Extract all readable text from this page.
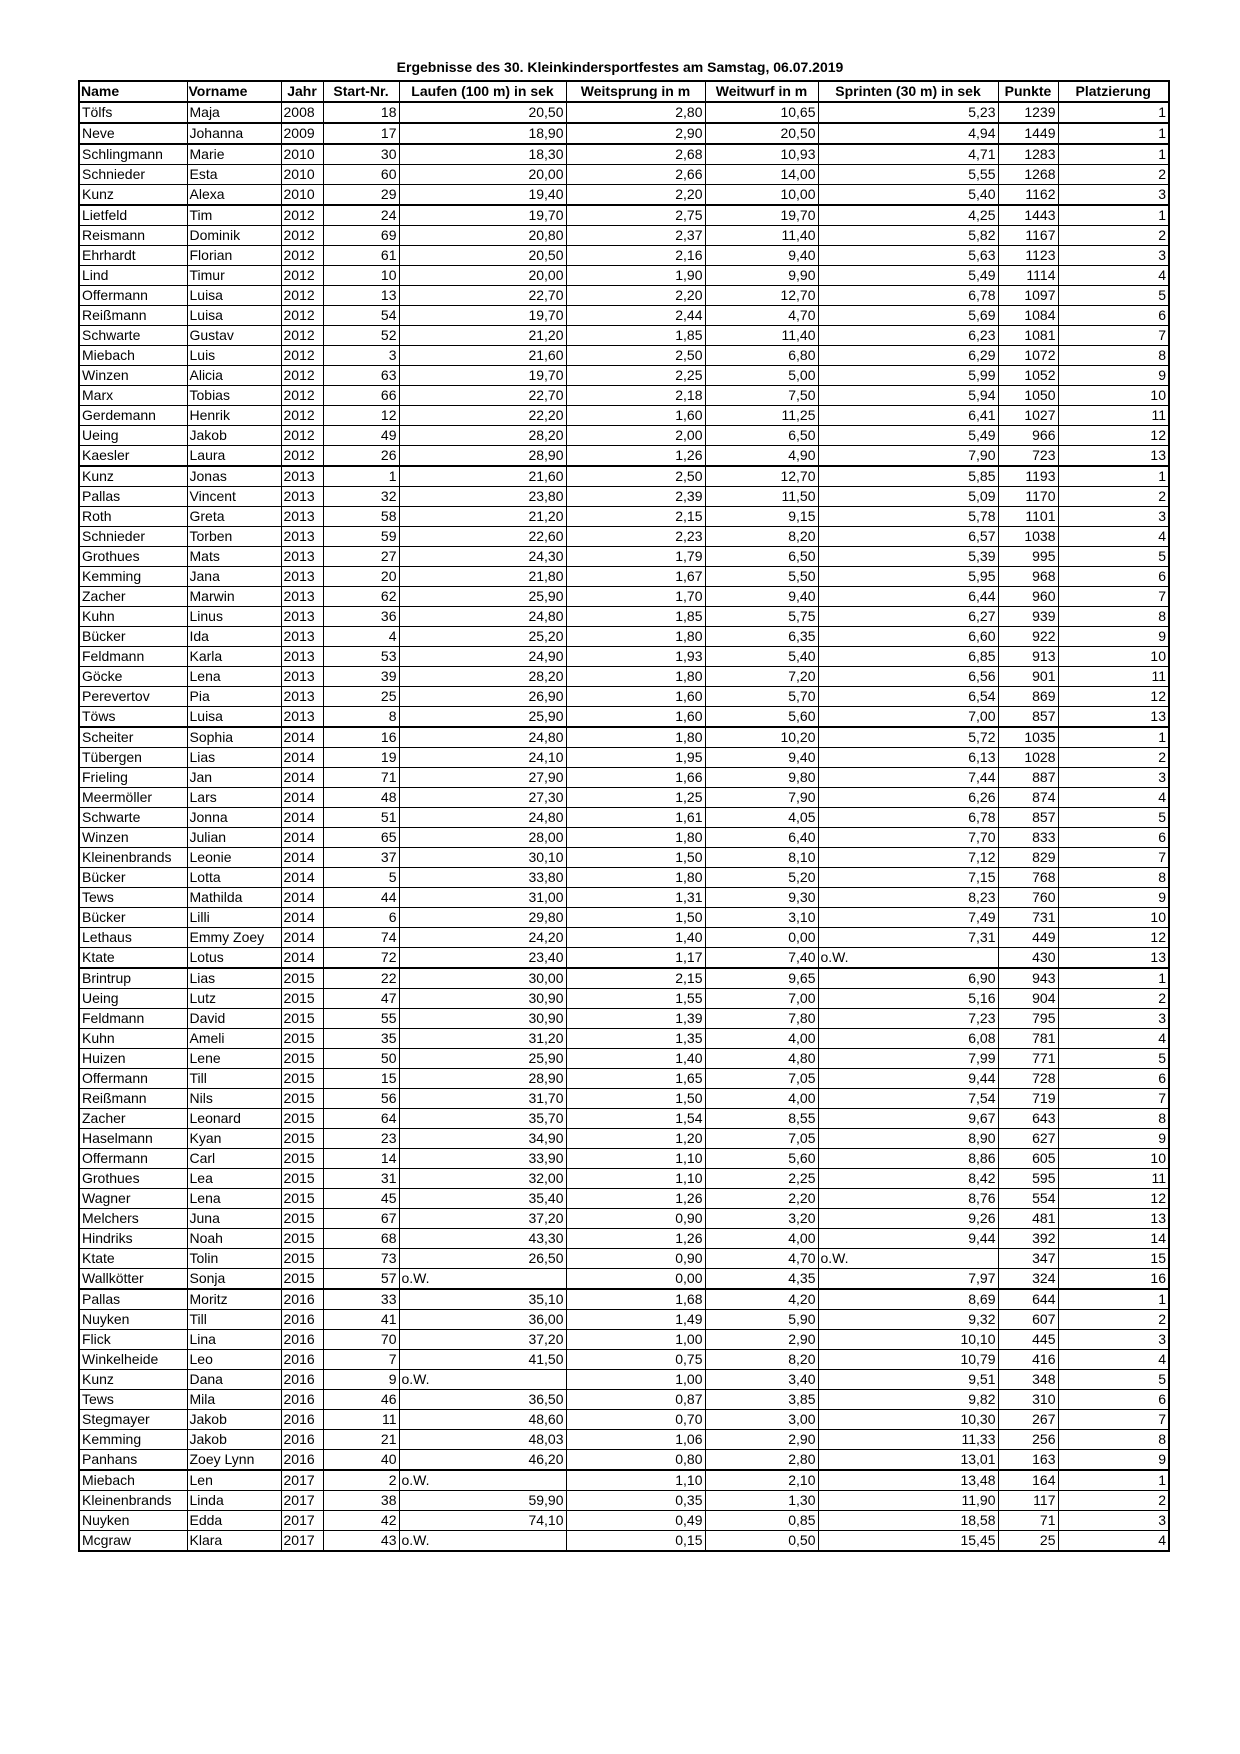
Ergebnisse des 30. Kleinkindersportfestes am Samstag, 06.07.2019
Name	Vorname	Jahr	Start-Nr.	Laufen (100 m) in sek	Weitsprung in m	Weitwurf in m	Sprinten (30 m) in sek	Punkte	Platzierung
Tölfs	Maja	2008	18	20,50	2,80	10,65	5,23	1239	1
Neve	Johanna	2009	17	18,90	2,90	20,50	4,94	1449	1
Schlingmann	Marie	2010	30	18,30	2,68	10,93	4,71	1283	1
Schnieder	Esta	2010	60	20,00	2,66	14,00	5,55	1268	2
Kunz	Alexa	2010	29	19,40	2,20	10,00	5,40	1162	3
Lietfeld	Tim	2012	24	19,70	2,75	19,70	4,25	1443	1
Reismann	Dominik	2012	69	20,80	2,37	11,40	5,82	1167	2
Ehrhardt	Florian	2012	61	20,50	2,16	9,40	5,63	1123	3
Lind	Timur	2012	10	20,00	1,90	9,90	5,49	1114	4
Offermann	Luisa	2012	13	22,70	2,20	12,70	6,78	1097	5
Reißmann	Luisa	2012	54	19,70	2,44	4,70	5,69	1084	6
Schwarte	Gustav	2012	52	21,20	1,85	11,40	6,23	1081	7
Miebach	Luis	2012	3	21,60	2,50	6,80	6,29	1072	8
Winzen	Alicia	2012	63	19,70	2,25	5,00	5,99	1052	9
Marx	Tobias	2012	66	22,70	2,18	7,50	5,94	1050	10
Gerdemann	Henrik	2012	12	22,20	1,60	11,25	6,41	1027	11
Ueing	Jakob	2012	49	28,20	2,00	6,50	5,49	966	12
Kaesler	Laura	2012	26	28,90	1,26	4,90	7,90	723	13
Kunz	Jonas	2013	1	21,60	2,50	12,70	5,85	1193	1
Pallas	Vincent	2013	32	23,80	2,39	11,50	5,09	1170	2
Roth	Greta	2013	58	21,20	2,15	9,15	5,78	1101	3
Schnieder	Torben	2013	59	22,60	2,23	8,20	6,57	1038	4
Grothues	Mats	2013	27	24,30	1,79	6,50	5,39	995	5
Kemming	Jana	2013	20	21,80	1,67	5,50	5,95	968	6
Zacher	Marwin	2013	62	25,90	1,70	9,40	6,44	960	7
Kuhn	Linus	2013	36	24,80	1,85	5,75	6,27	939	8
Bücker	Ida	2013	4	25,20	1,80	6,35	6,60	922	9
Feldmann	Karla	2013	53	24,90	1,93	5,40	6,85	913	10
Göcke	Lena	2013	39	28,20	1,80	7,20	6,56	901	11
Perevertov	Pia	2013	25	26,90	1,60	5,70	6,54	869	12
Töws	Luisa	2013	8	25,90	1,60	5,60	7,00	857	13
Scheiter	Sophia	2014	16	24,80	1,80	10,20	5,72	1035	1
Tübergen	Lias	2014	19	24,10	1,95	9,40	6,13	1028	2
Frieling	Jan	2014	71	27,90	1,66	9,80	7,44	887	3
Meermöller	Lars	2014	48	27,30	1,25	7,90	6,26	874	4
Schwarte	Jonna	2014	51	24,80	1,61	4,05	6,78	857	5
Winzen	Julian	2014	65	28,00	1,80	6,40	7,70	833	6
Kleinenbrands	Leonie	2014	37	30,10	1,50	8,10	7,12	829	7
Bücker	Lotta	2014	5	33,80	1,80	5,20	7,15	768	8
Tews	Mathilda	2014	44	31,00	1,31	9,30	8,23	760	9
Bücker	Lilli	2014	6	29,80	1,50	3,10	7,49	731	10
Lethaus	Emmy Zoey	2014	74	24,20	1,40	0,00	7,31	449	12
Ktate	Lotus	2014	72	23,40	1,17	7,40	o.W.	430	13
Brintrup	Lias	2015	22	30,00	2,15	9,65	6,90	943	1
Ueing	Lutz	2015	47	30,90	1,55	7,00	5,16	904	2
Feldmann	David	2015	55	30,90	1,39	7,80	7,23	795	3
Kuhn	Ameli	2015	35	31,20	1,35	4,00	6,08	781	4
Huizen	Lene	2015	50	25,90	1,40	4,80	7,99	771	5
Offermann	Till	2015	15	28,90	1,65	7,05	9,44	728	6
Reißmann	Nils	2015	56	31,70	1,50	4,00	7,54	719	7
Zacher	Leonard	2015	64	35,70	1,54	8,55	9,67	643	8
Haselmann	Kyan	2015	23	34,90	1,20	7,05	8,90	627	9
Offermann	Carl	2015	14	33,90	1,10	5,60	8,86	605	10
Grothues	Lea	2015	31	32,00	1,10	2,25	8,42	595	11
Wagner	Lena	2015	45	35,40	1,26	2,20	8,76	554	12
Melchers	Juna	2015	67	37,20	0,90	3,20	9,26	481	13
Hindriks	Noah	2015	68	43,30	1,26	4,00	9,44	392	14
Ktate	Tolin	2015	73	26,50	0,90	4,70	o.W.	347	15
Wallkötter	Sonja	2015	57	o.W.	0,00	4,35	7,97	324	16
Pallas	Moritz	2016	33	35,10	1,68	4,20	8,69	644	1
Nuyken	Till	2016	41	36,00	1,49	5,90	9,32	607	2
Flick	Lina	2016	70	37,20	1,00	2,90	10,10	445	3
Winkelheide	Leo	2016	7	41,50	0,75	8,20	10,79	416	4
Kunz	Dana	2016	9	o.W.	1,00	3,40	9,51	348	5
Tews	Mila	2016	46	36,50	0,87	3,85	9,82	310	6
Stegmayer	Jakob	2016	11	48,60	0,70	3,00	10,30	267	7
Kemming	Jakob	2016	21	48,03	1,06	2,90	11,33	256	8
Panhans	Zoey Lynn	2016	40	46,20	0,80	2,80	13,01	163	9
Miebach	Len	2017	2	o.W.	1,10	2,10	13,48	164	1
Kleinenbrands	Linda	2017	38	59,90	0,35	1,30	11,90	117	2
Nuyken	Edda	2017	42	74,10	0,49	0,85	18,58	71	3
Mcgraw	Klara	2017	43	o.W.	0,15	0,50	15,45	25	4
